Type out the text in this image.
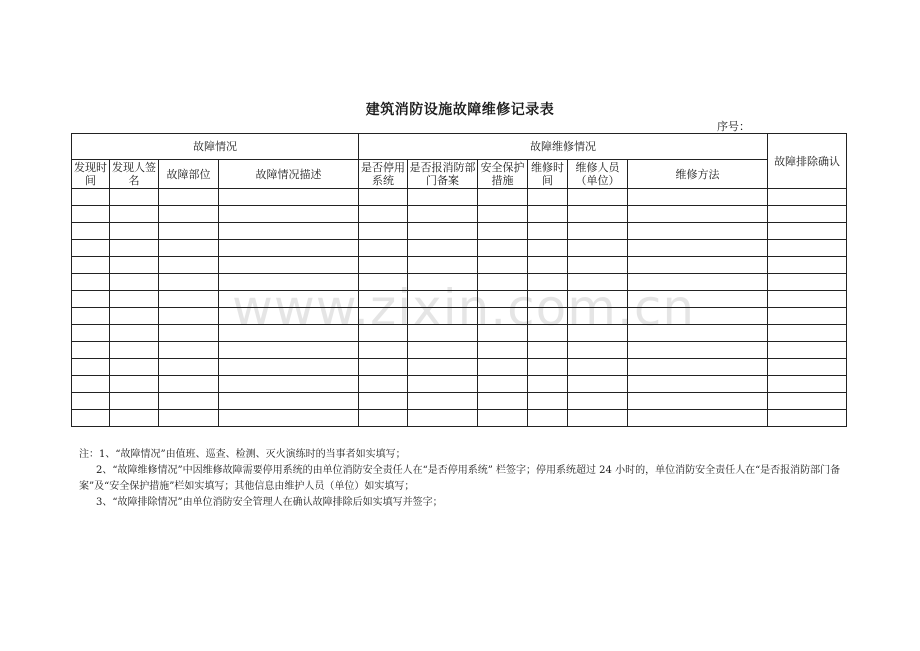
建筑消防设施故障维修记录表
序号：
www.zixin.com.cn
故障情况				故障维修情况						故障排除确认
发现时间	发现人签名	故障部位	故障情况描述	是否停用系统	是否报消防部门备案	安全保护措施	维修时间	维修人员（单位）	维修方法	

注：1、“故障情况”由值班、巡查、检测、灭火演练时的当事者如实填写；

2、“故障维修情况”中因维修故障需要停用系统的由单位消防安全责任人在“是否停用系统” 栏签字；停用系统超过 24 小时的，单位消防安全责任人在“是否报消防部门备

案”及“安全保护措施”栏如实填写；其他信息由维护人员（单位）如实填写；

3、“故障排除情况”由单位消防安全管理人在确认故障排除后如实填写并签字；
